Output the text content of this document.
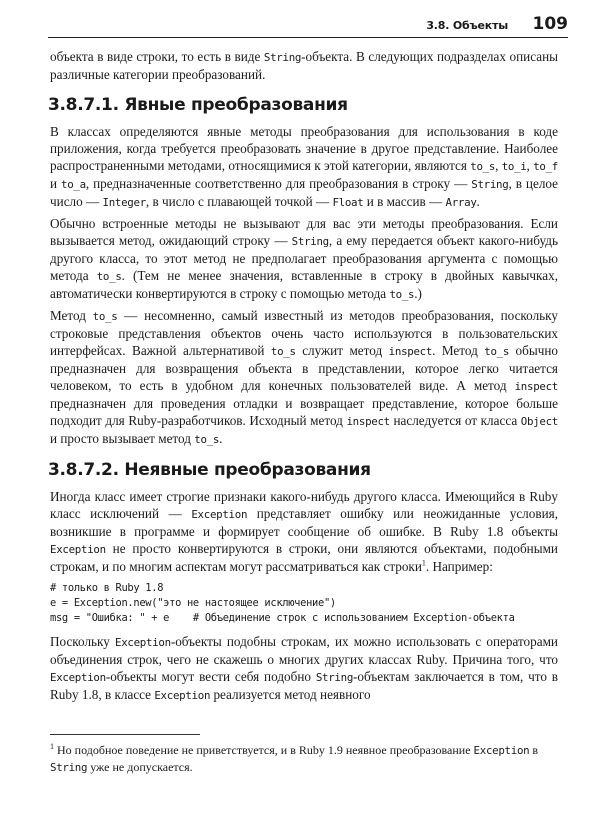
3.8. Объекты 109

объекта в виде строки, то есть в виде String-объекта. В следующих подразделах описаны различные категории преобразований.

3.8.7.1. Явные преобразования

В классах определяются явные методы преобразования для использования в коде приложения, когда требуется преобразовать значение в другое представление. Наиболее распространенными методами, относящимися к этой категории, являются to_s, to_i, to_f и to_a, предназначенные соответственно для преобразования в строку — String, в целое число — Integer, в число с плавающей точкой — Float и в массив — Array.

Обычно встроенные методы не вызывают для вас эти методы преобразования. Если вызывается метод, ожидающий строку — String, а ему передается объект какого-нибудь другого класса, то этот метод не предполагает преобразования аргумента с помощью метода to_s. (Тем не менее значения, вставленные в строку в двойных кавычках, автоматически конвертируются в строку с помощью метода to_s.)

Метод to_s — несомненно, самый известный из методов преобразования, поскольку строковые представления объектов очень часто используются в пользовательских интерфейсах. Важной альтернативой to_s служит метод inspect. Метод to_s обычно предназначен для возвращения объекта в представлении, которое легко читается человеком, то есть в удобном для конечных пользователей виде. А метод inspect предназначен для проведения отладки и возвращает представление, которое больше подходит для Ruby-разработчиков. Исходный метод inspect наследуется от класса Object и просто вызывает метод to_s.

3.8.7.2. Неявные преобразования

Иногда класс имеет строгие признаки какого-нибудь другого класса. Имеющийся в Ruby класс исключений — Exception представляет ошибку или неожиданные условия, возникшие в программе и формирует сообщение об ошибке. В Ruby 1.8 объекты Exception не просто конвертируются в строки, они являются объектами, подобными строкам, и по многим аспектам могут рассматриваться как строки$^1$. Например:

# только в Ruby 1.8
e = Exception.new("это не настоящее исключение")
msg = "Ошибка: " + e    # Объединение строк с использованием Exception-объекта

Поскольку Exception-объекты подобны строкам, их можно использовать с операторами объединения строк, чего не скажешь о многих других классах Ruby. Причина того, что Exception-объекты могут вести себя подобно String-объектам заключается в том, что в Ruby 1.8, в классе Exception реализуется метод неявного

$^1$ Но подобное поведение не приветствуется, и в Ruby 1.9 неявное преобразование Exception в String уже не допускается.
